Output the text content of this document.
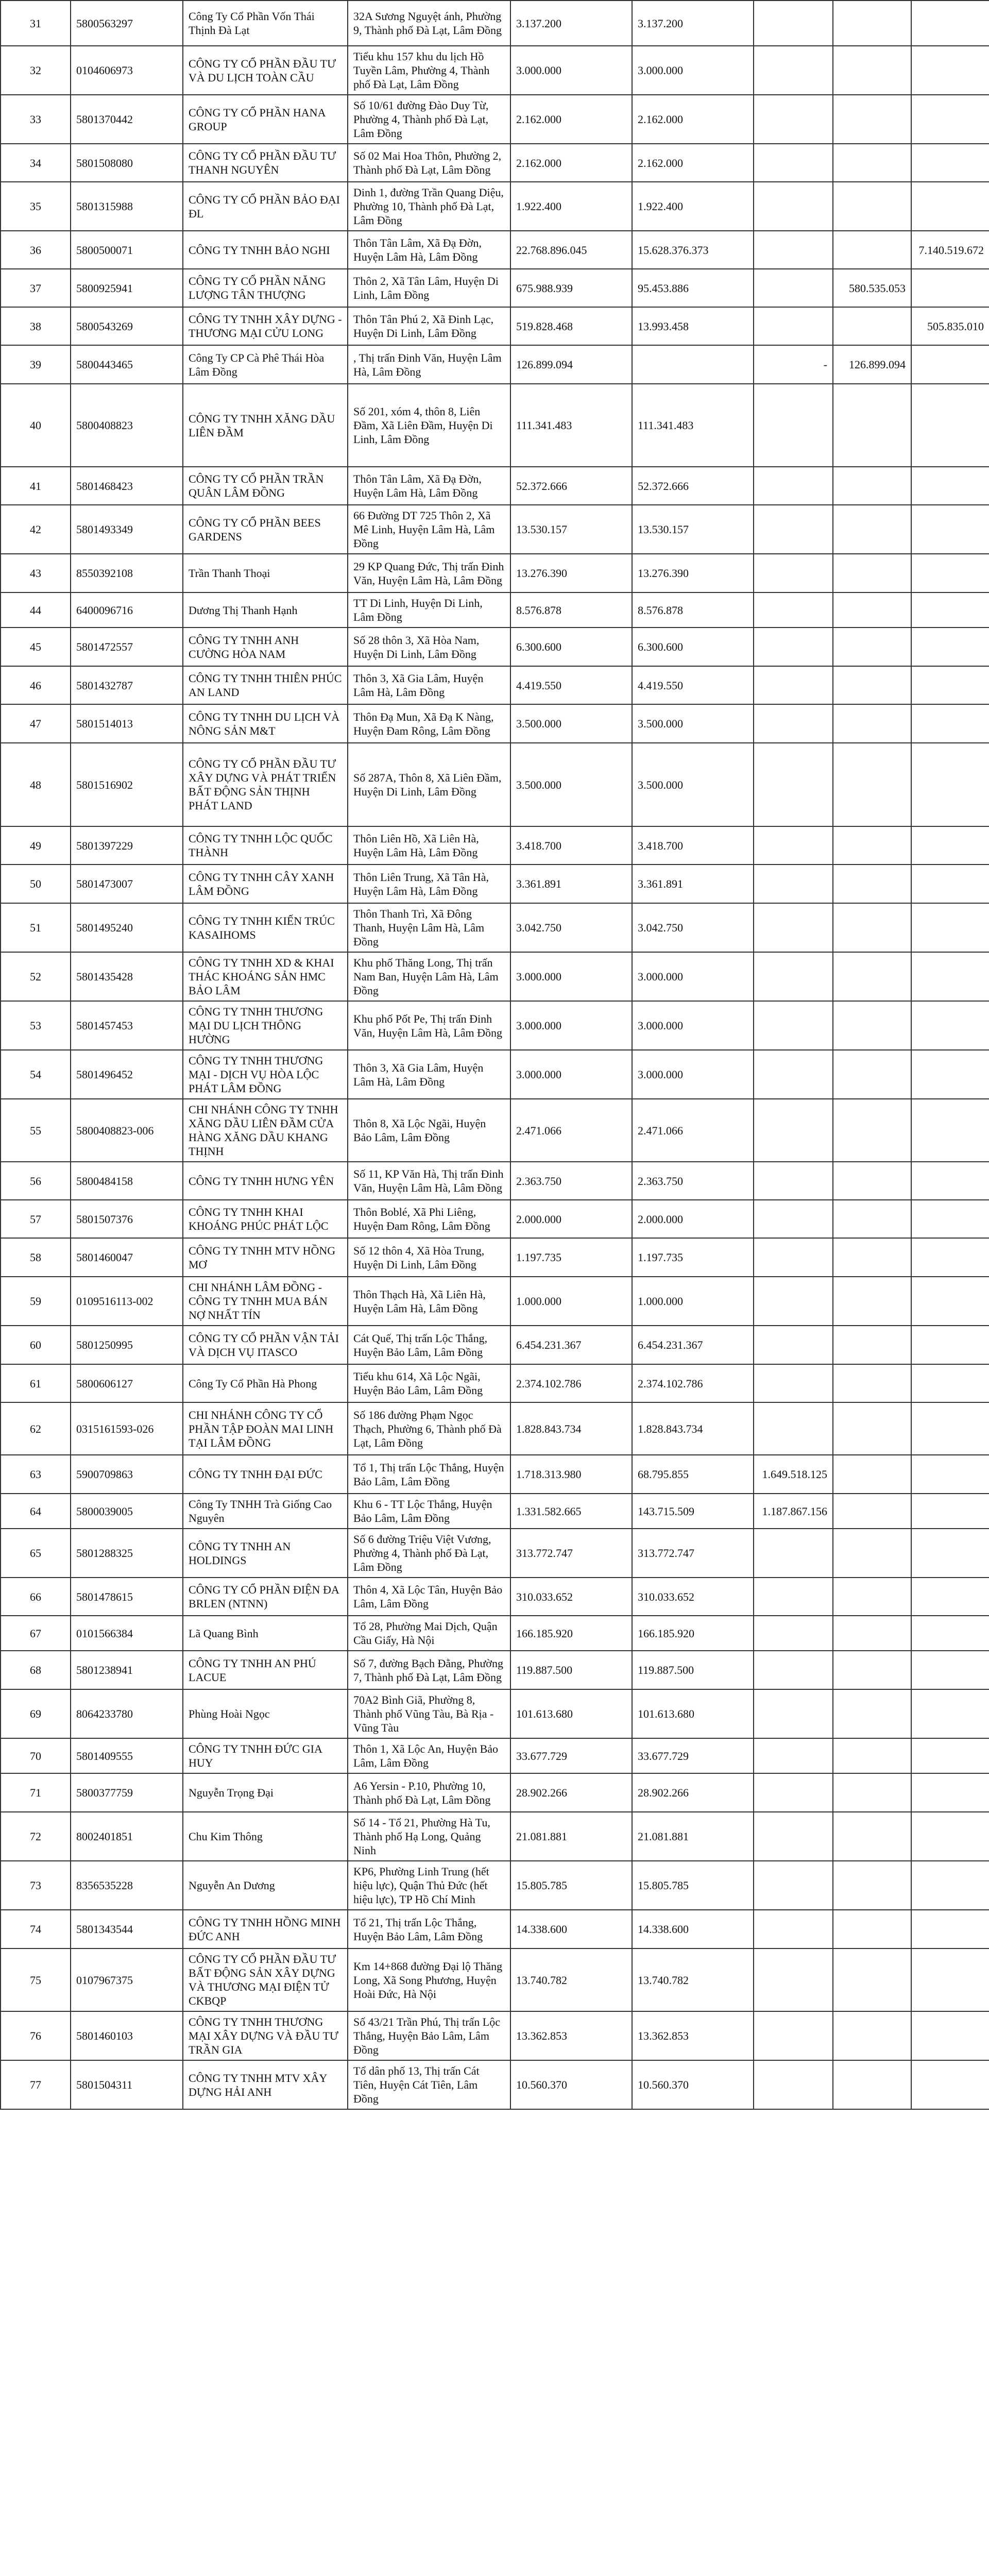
31	5800563297	Công Ty Cổ Phần Vốn Thái Thịnh Đà Lạt	32A Sương Nguyệt ánh, Phường 9, Thành phố Đà Lạt, Lâm Đồng	3.137.200	3.137.200			
32	0104606973	CÔNG TY CỔ PHẦN ĐẦU TƯ VÀ DU LỊCH TOÀN CẦU	Tiểu khu 157 khu du lịch Hồ Tuyền Lâm, Phường 4, Thành phố Đà Lạt, Lâm Đồng	3.000.000	3.000.000			
33	5801370442	CÔNG TY CỔ PHẦN HANA GROUP	Số 10/61 đường Đào Duy Từ, Phường 4, Thành phố Đà Lạt, Lâm Đồng	2.162.000	2.162.000			
34	5801508080	CÔNG TY CỔ PHẦN ĐẦU TƯ THANH NGUYÊN	Số 02 Mai Hoa Thôn, Phường 2, Thành phố Đà Lạt, Lâm Đồng	2.162.000	2.162.000			
35	5801315988	CÔNG TY CỔ PHẦN BẢO ĐẠI ĐL	Dinh 1, đường Trần Quang Diệu, Phường 10, Thành phố Đà Lạt, Lâm Đồng	1.922.400	1.922.400			
36	5800500071	CÔNG TY TNHH BẢO NGHI	Thôn Tân Lâm, Xã Đạ Đờn, Huyện Lâm Hà, Lâm Đồng	22.768.896.045	15.628.376.373			7.140.519.672
37	5800925941	CÔNG TY CỔ PHẦN NĂNG LƯỢNG TÂN THƯỢNG	Thôn 2, Xã Tân Lâm, Huyện Di Linh, Lâm Đồng	675.988.939	95.453.886		580.535.053	
38	5800543269	CÔNG TY TNHH XÂY DỰNG - THƯƠNG MẠI CỬU LONG	Thôn Tân Phú 2, Xã Đinh Lạc, Huyện Di Linh, Lâm Đồng	519.828.468	13.993.458			505.835.010
39	5800443465	Công Ty CP Cà Phê Thái Hòa Lâm Đồng	, Thị trấn Đinh Văn, Huyện Lâm Hà, Lâm Đồng	126.899.094		-	126.899.094	
40	5800408823	CÔNG TY TNHH XĂNG DẦU LIÊN ĐẦM	Số 201, xóm 4, thôn 8, Liên Đầm, Xã Liên Đầm, Huyện Di Linh, Lâm Đồng	111.341.483	111.341.483			
41	5801468423	CÔNG TY CỔ PHẦN TRẦN QUÂN LÂM ĐỒNG	Thôn Tân Lâm, Xã Đạ Đờn, Huyện Lâm Hà, Lâm Đồng	52.372.666	52.372.666			
42	5801493349	CÔNG TY CỔ PHẦN BEES GARDENS	66 Đường DT 725 Thôn 2, Xã Mê Linh, Huyện Lâm Hà, Lâm Đồng	13.530.157	13.530.157			
43	8550392108	Trần Thanh Thoại	29 KP Quang Đức, Thị trấn Đinh Văn, Huyện Lâm Hà, Lâm Đồng	13.276.390	13.276.390			
44	6400096716	Dương Thị Thanh Hạnh	TT Di Linh, Huyện Di Linh, Lâm Đồng	8.576.878	8.576.878			
45	5801472557	CÔNG TY TNHH ANH CƯỜNG HÒA NAM	Số 28 thôn 3, Xã Hòa Nam, Huyện Di Linh, Lâm Đồng	6.300.600	6.300.600			
46	5801432787	CÔNG TY TNHH THIÊN PHÚC AN LAND	Thôn 3, Xã Gia Lâm, Huyện Lâm Hà, Lâm Đồng	4.419.550	4.419.550			
47	5801514013	CÔNG TY TNHH DU LỊCH VÀ NÔNG SẢN M&T	Thôn Đạ Mun, Xã Đạ K Nàng, Huyện Đam Rông, Lâm Đồng	3.500.000	3.500.000			
48	5801516902	CÔNG TY CỔ PHẦN ĐẦU TƯ XÂY DỰNG VÀ PHÁT TRIỂN BẤT ĐỘNG SẢN THỊNH PHÁT LAND	Số 287A, Thôn 8, Xã Liên Đầm, Huyện Di Linh, Lâm Đồng	3.500.000	3.500.000			
49	5801397229	CÔNG TY TNHH LỘC QUỐC THÀNH	Thôn Liên Hồ, Xã Liên Hà, Huyện Lâm Hà, Lâm Đồng	3.418.700	3.418.700			
50	5801473007	CÔNG TY TNHH CÂY XANH LÂM ĐỒNG	Thôn Liên Trung, Xã Tân Hà, Huyện Lâm Hà, Lâm Đồng	3.361.891	3.361.891			
51	5801495240	CÔNG TY TNHH KIẾN TRÚC KASAIHOMS	Thôn Thanh Trì, Xã Đông Thanh, Huyện Lâm Hà, Lâm Đồng	3.042.750	3.042.750			
52	5801435428	CÔNG TY TNHH XD & KHAI THÁC KHOÁNG SẢN HMC BẢO LÂM	Khu phố Thăng Long, Thị trấn Nam Ban, Huyện Lâm Hà, Lâm Đồng	3.000.000	3.000.000			
53	5801457453	CÔNG TY TNHH THƯƠNG MẠI DU LỊCH THÔNG HƯỜNG	Khu phố Pốt Pe, Thị trấn Đinh Văn, Huyện Lâm Hà, Lâm Đồng	3.000.000	3.000.000			
54	5801496452	CÔNG TY TNHH THƯƠNG MẠI - DỊCH VỤ HÒA LỘC PHÁT LÂM ĐỒNG	Thôn 3, Xã Gia Lâm, Huyện Lâm Hà, Lâm Đồng	3.000.000	3.000.000			
55	5800408823-006	CHI NHÁNH CÔNG TY TNHH XĂNG DẦU LIÊN ĐẦM CỬA HÀNG XĂNG DẦU KHANG THỊNH	Thôn 8, Xã Lộc Ngãi, Huyện Bảo Lâm, Lâm Đồng	2.471.066	2.471.066			
56	5800484158	CÔNG TY TNHH HƯNG YÊN	Số 11, KP Văn Hà, Thị trấn Đinh Văn, Huyện Lâm Hà, Lâm Đồng	2.363.750	2.363.750			
57	5801507376	CÔNG TY TNHH KHAI KHOÁNG PHÚC PHÁT LỘC	Thôn Boblé, Xã Phi Liêng, Huyện Đam Rông, Lâm Đồng	2.000.000	2.000.000			
58	5801460047	CÔNG TY TNHH MTV HỒNG MƠ	Số 12 thôn 4, Xã Hòa Trung, Huyện Di Linh, Lâm Đồng	1.197.735	1.197.735			
59	0109516113-002	CHI NHÁNH LÂM ĐỒNG - CÔNG TY TNHH MUA BÁN NỢ NHẤT TÍN	Thôn Thạch Hà, Xã Liên Hà, Huyện Lâm Hà, Lâm Đồng	1.000.000	1.000.000			
60	5801250995	CÔNG TY CỔ PHẦN VẬN TẢI VÀ DỊCH VỤ ITASCO	Cát Quế, Thị trấn Lộc Thắng, Huyện Bảo Lâm, Lâm Đồng	6.454.231.367	6.454.231.367			
61	5800606127	Công Ty Cổ Phần Hà Phong	Tiểu khu 614, Xã Lộc Ngãi, Huyện Bảo Lâm, Lâm Đồng	2.374.102.786	2.374.102.786			
62	0315161593-026	CHI NHÁNH CÔNG TY CỔ PHẦN TẬP ĐOÀN MAI LINH TẠI LÂM ĐỒNG	Số 186 đường Phạm Ngọc Thạch, Phường 6, Thành phố Đà Lạt, Lâm Đồng	1.828.843.734	1.828.843.734			
63	5900709863	CÔNG TY TNHH ĐẠI ĐỨC	Tổ 1, Thị trấn Lộc Thắng, Huyện Bảo Lâm, Lâm Đồng	1.718.313.980	68.795.855	1.649.518.125		
64	5800039005	Công Ty TNHH Trà Giống Cao Nguyên	Khu 6 - TT Lộc Thắng, Huyện Bảo Lâm, Lâm Đồng	1.331.582.665	143.715.509	1.187.867.156		
65	5801288325	CÔNG TY TNHH AN HOLDINGS	Số 6 đường Triệu Việt Vương, Phường 4, Thành phố Đà Lạt, Lâm Đồng	313.772.747	313.772.747			
66	5801478615	CÔNG TY CỔ PHẦN ĐIỆN ĐA BRLEN (NTNN)	Thôn 4, Xã Lộc Tân, Huyện Bảo Lâm, Lâm Đồng	310.033.652	310.033.652			
67	0101566384	Lã Quang Bình	Tổ 28, Phường Mai Dịch, Quận Cầu Giấy, Hà Nội	166.185.920	166.185.920			
68	5801238941	CÔNG TY TNHH AN PHÚ LACUE	Số 7, đường Bạch Đằng, Phường 7, Thành phố Đà Lạt, Lâm Đồng	119.887.500	119.887.500			
69	8064233780	Phùng Hoài Ngọc	70A2 Bình Giã, Phường 8, Thành phố Vũng Tàu, Bà Rịa - Vũng Tàu	101.613.680	101.613.680			
70	5801409555	CÔNG TY TNHH ĐỨC GIA HUY	Thôn 1, Xã Lộc An, Huyện Bảo Lâm, Lâm Đồng	33.677.729	33.677.729			
71	5800377759	Nguyễn Trọng Đại	A6 Yersin - P.10, Phường 10, Thành phố Đà Lạt, Lâm Đồng	28.902.266	28.902.266			
72	8002401851	Chu Kim Thông	Số 14 - Tổ 21, Phường Hà Tu, Thành phố Hạ Long, Quảng Ninh	21.081.881	21.081.881			
73	8356535228	Nguyễn An Dương	KP6, Phường Linh Trung (hết hiệu lực), Quận Thủ Đức (hết hiệu lực), TP Hồ Chí Minh	15.805.785	15.805.785			
74	5801343544	CÔNG TY TNHH HỒNG MINH ĐỨC ANH	Tổ 21, Thị trấn Lộc Thắng, Huyện Bảo Lâm, Lâm Đồng	14.338.600	14.338.600			
75	0107967375	CÔNG TY CỔ PHẦN ĐẦU TƯ BẤT ĐỘNG SẢN XÂY DỰNG VÀ THƯƠNG MẠI ĐIỆN TỬ CKBQP	Km 14+868 đường Đại lộ Thăng Long, Xã Song Phương, Huyện Hoài Đức, Hà Nội	13.740.782	13.740.782			
76	5801460103	CÔNG TY TNHH THƯƠNG MẠI XÂY DỰNG VÀ ĐẦU TƯ TRẦN GIA	Số 43/21 Trần Phú, Thị trấn Lộc Thắng, Huyện Bảo Lâm, Lâm Đồng	13.362.853	13.362.853			
77	5801504311	CÔNG TY TNHH MTV XÂY DỰNG HẢI ANH	Tổ dân phố 13, Thị trấn Cát Tiên, Huyện Cát Tiên, Lâm Đồng	10.560.370	10.560.370			
